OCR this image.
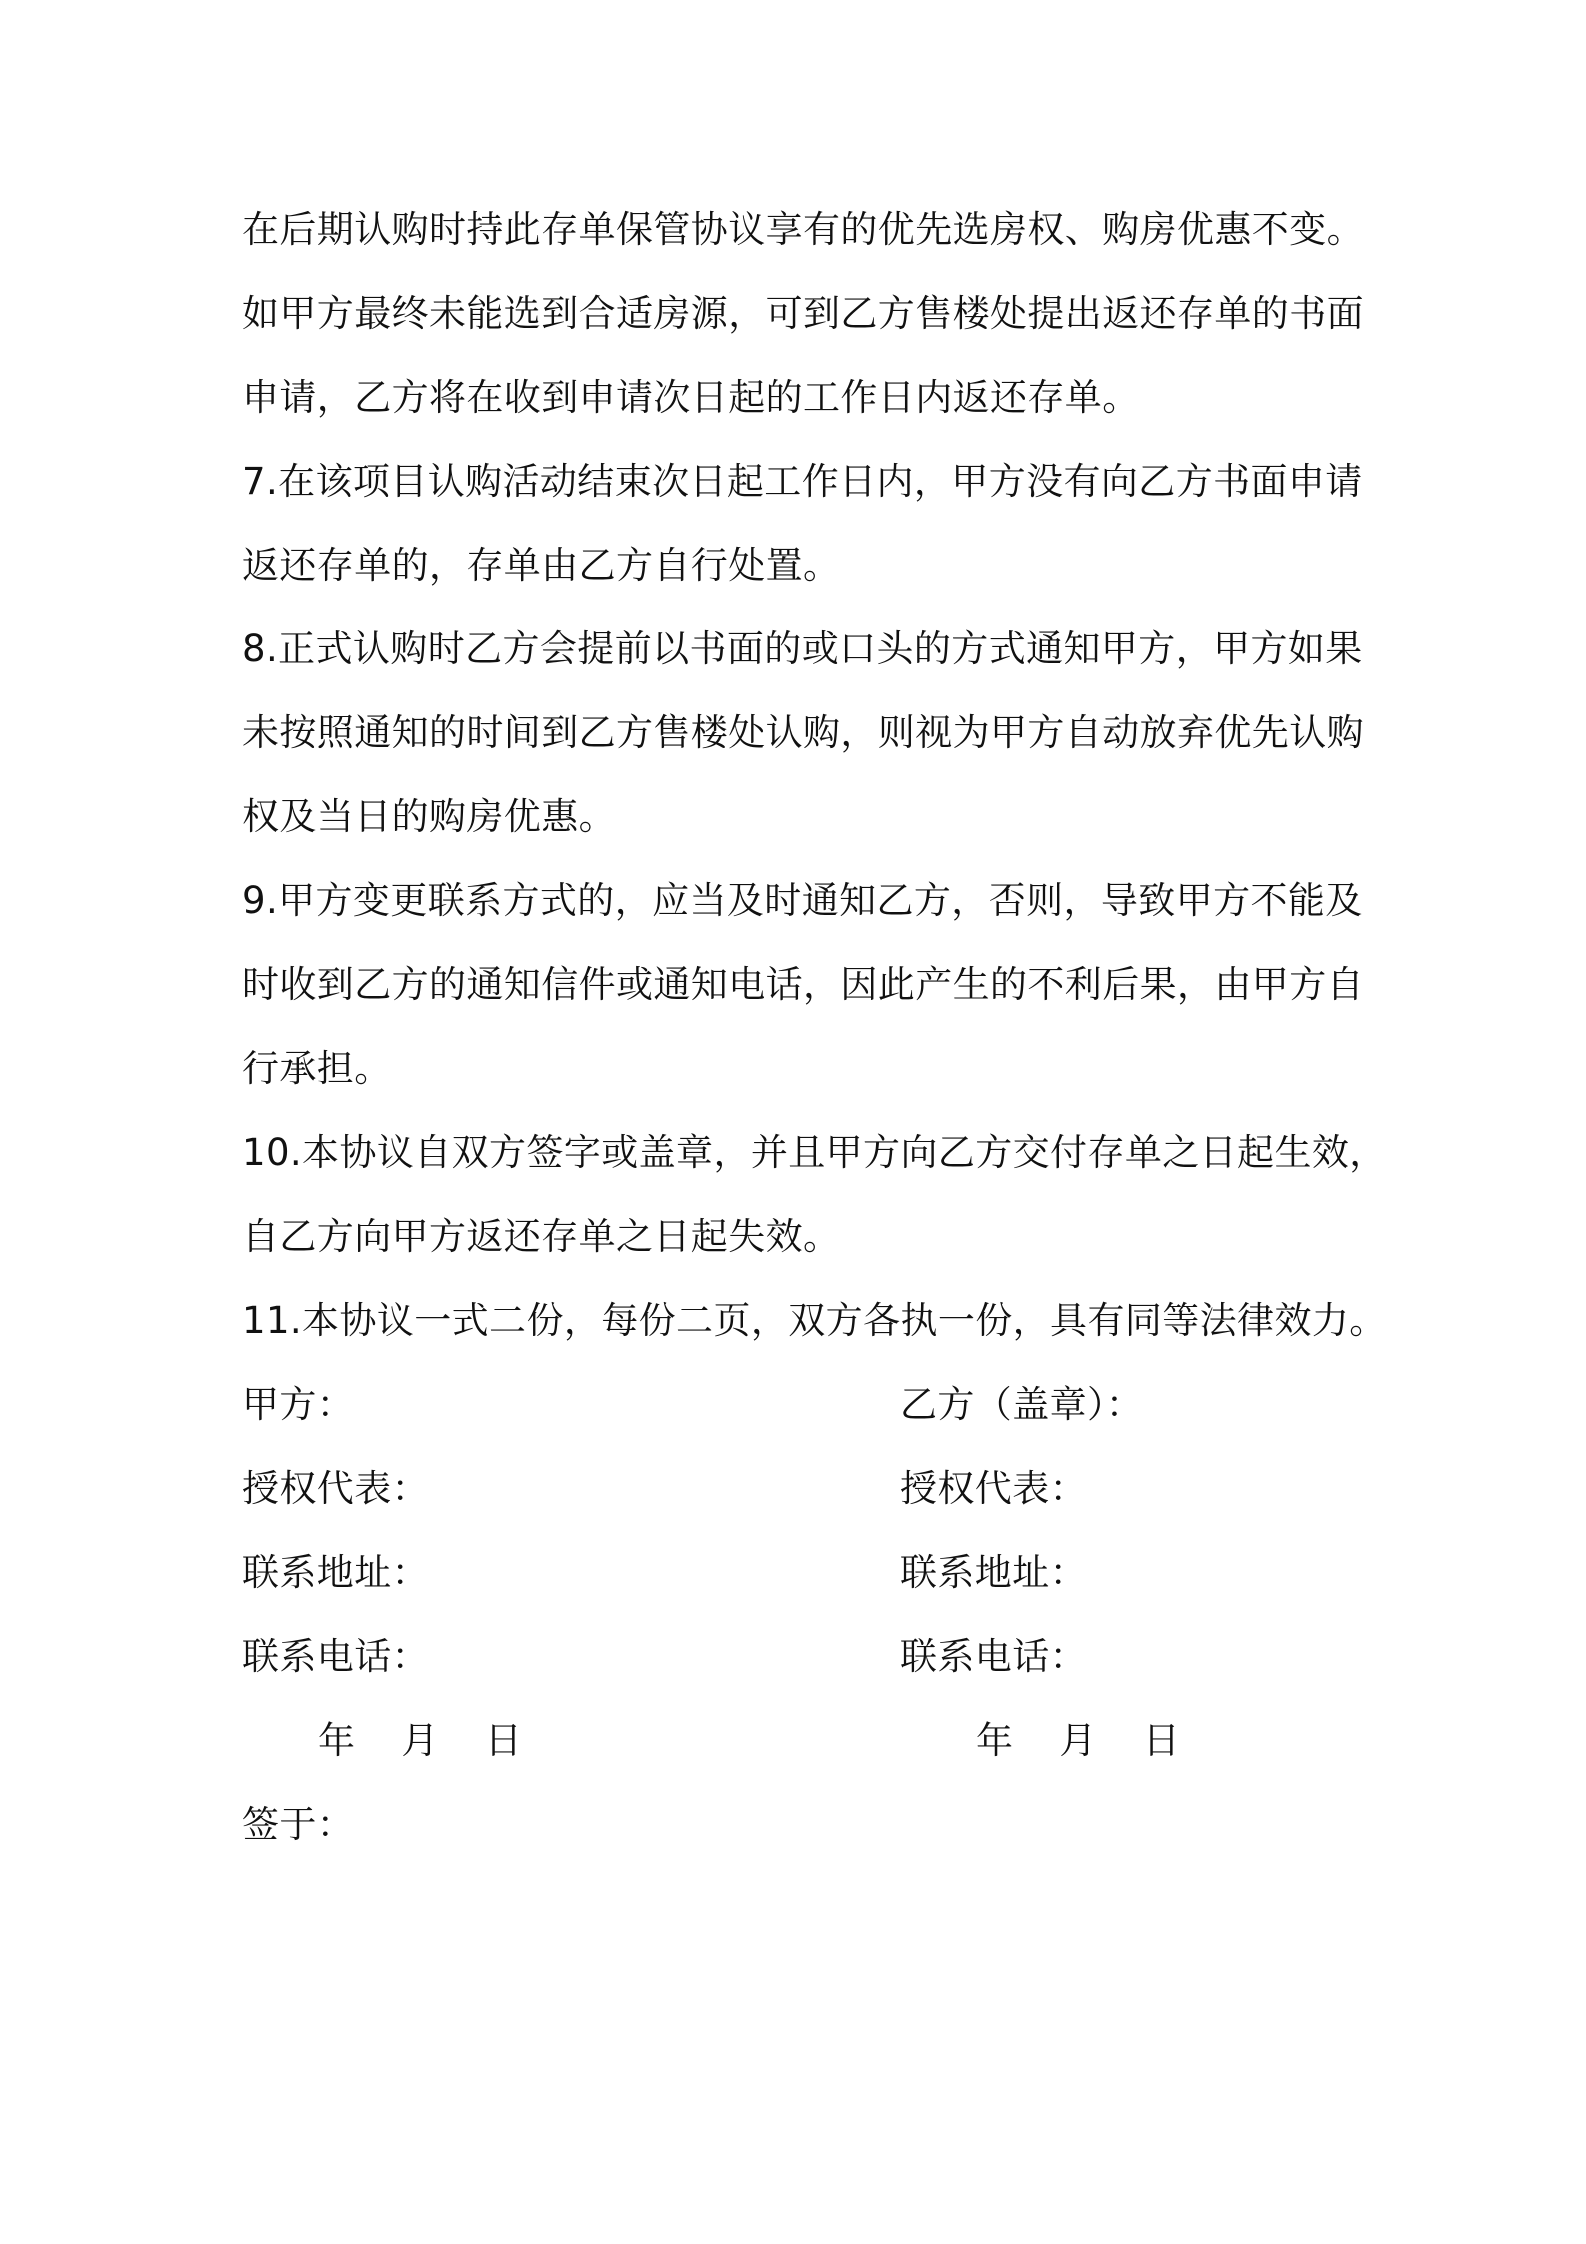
在后期认购时持此存单保管协议享有的优先选房权、购房优惠不变。
如甲方最终未能选到合适房源，可到乙方售楼处提出返还存单的书面
申请，乙方将在收到申请次日起的工作日内返还存单。
7.在该项目认购活动结束次日起工作日内，甲方没有向乙方书面申请
返还存单的，存单由乙方自行处置。
8.正式认购时乙方会提前以书面的或口头的方式通知甲方，甲方如果
未按照通知的时间到乙方售楼处认购，则视为甲方自动放弃优先认购
权及当日的购房优惠。
9.甲方变更联系方式的，应当及时通知乙方，否则，导致甲方不能及
时收到乙方的通知信件或通知电话，因此产生的不利后果，由甲方自
行承担。
10.本协议自双方签字或盖章，并且甲方向乙方交付存单之日起生效，
自乙方向甲方返还存单之日起失效。
11.本协议一式二份，每份二页，双方各执一份，具有同等法律效力。
甲方：	乙方（盖章）：
授权代表：	授权代表：
联系地址：	联系地址：
联系电话：	联系电话：
年 月 日	年 月 日
签于：
